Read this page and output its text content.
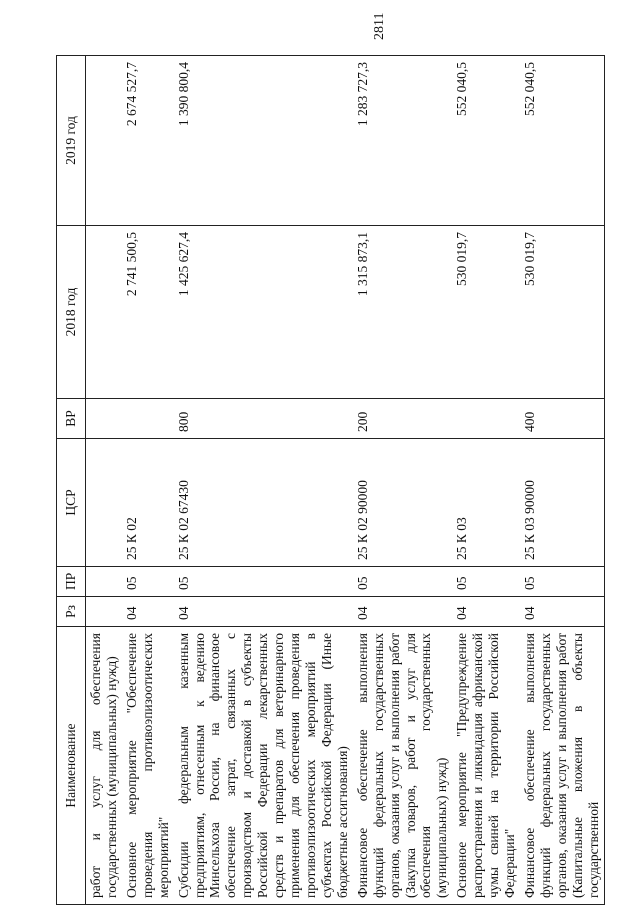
2811
Наименование	Рз	ПР	ЦСР	ВР	2018 год	2019 год
работ и услуг для обеспечения государственных (муниципальных) нужд)						
Основное мероприятие "Обеспечение проведения противоэпизоотических мероприятий"	04	05	25 К 02		2 741 500,5	2 674 527,7
Субсидии федеральным казенным предприятиям, отнесенным к ведению Минсельхоза России, на финансовое обеспечение затрат, связанных с производством и доставкой в субъекты Российской Федерации лекарственных средств и препаратов для ветеринарного применения для обеспечения проведения противоэпизоотических мероприятий в субъектах Российской Федерации (Иные бюджетные ассигнования)	04	05	25 К 02 67430	800	1 425 627,4	1 390 800,4
Финансовое обеспечение выполнения функций федеральных государственных органов, оказания услуг и выполнения работ (Закупка товаров, работ и услуг для обеспечения государственных (муниципальных) нужд)	04	05	25 К 02 90000	200	1 315 873,1	1 283 727,3
Основное мероприятие "Предупреждение распространения и ликвидация африканской чумы свиней на территории Российской Федерации"	04	05	25 К 03		530 019,7	552 040,5
Финансовое обеспечение выполнения функций федеральных государственных органов, оказания услуг и выполнения работ (Капитальные вложения в объекты государственной	04	05	25 К 03 90000	400	530 019,7	552 040,5
